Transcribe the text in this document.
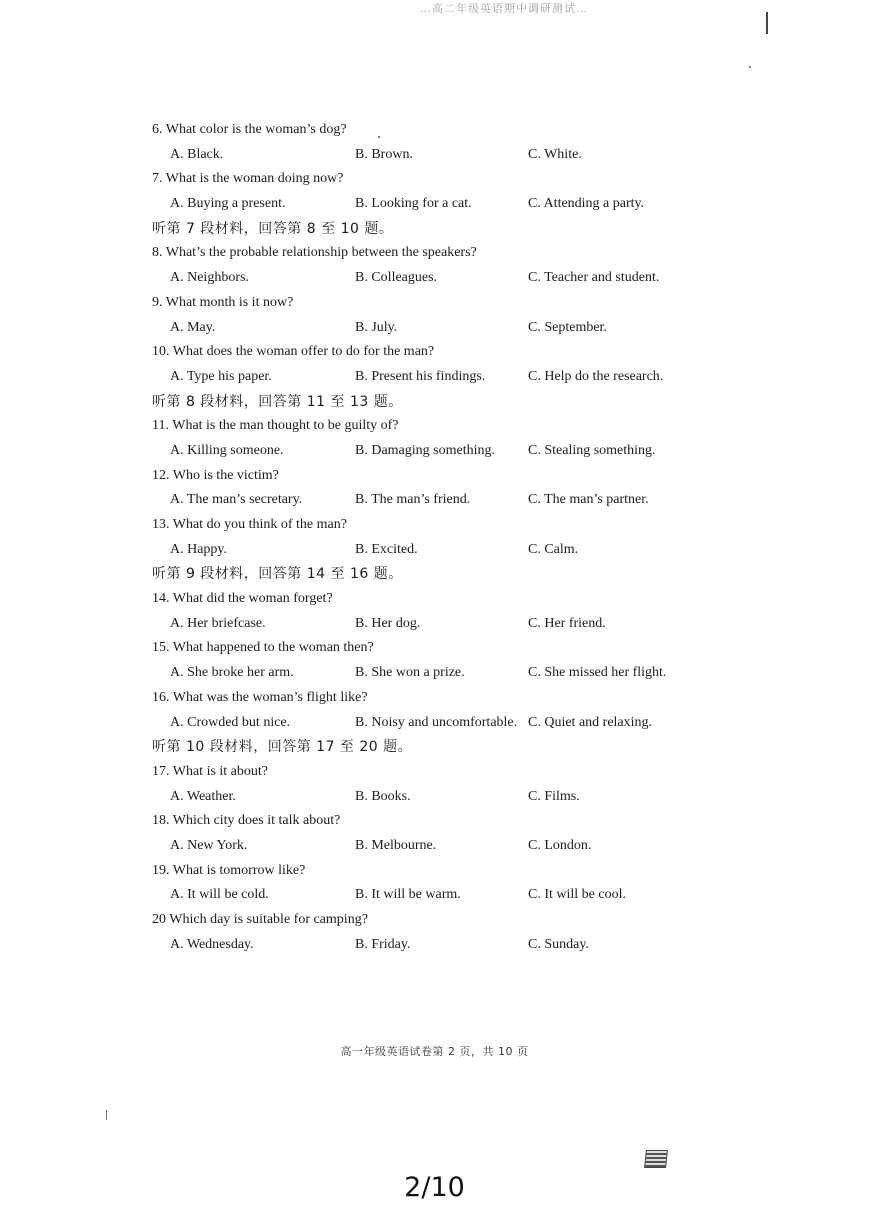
…高二年级英语期中调研测试…
6. What color is the woman’s dog?
A. Black.	B. Brown.	C. White.
7. What is the woman doing now?
A. Buying a present.	B. Looking for a cat.	C. Attending a party.
听第 7 段材料，回答第 8 至 10 题。
8. What’s the probable relationship between the speakers?
A. Neighbors.	B. Colleagues.	C. Teacher and student.
9. What month is it now?
A. May.	B. July.	C. September.
10. What does the woman offer to do for the man?
A. Type his paper.	B. Present his findings.	C. Help do the research.
听第 8 段材料，回答第 11 至 13 题。
11. What is the man thought to be guilty of?
A. Killing someone.	B. Damaging something. C. Stealing something.
12. Who is the victim?
A. The man’s secretary.	B. The man’s friend.	C. The man’s partner.
13. What do you think of the man?
A. Happy.	B. Excited.	C. Calm.
听第 9 段材料，回答第 14 至 16 题。
14. What did the woman forget?
A. Her briefcase.	B. Her dog.	C. Her friend.
15. What happened to the woman then?
A. She broke her arm.	B. She won a prize.	C. She missed her flight.
16. What was the woman’s flight like?
A. Crowded but nice.	B. Noisy and uncomfortable. C. Quiet and relaxing.
听第 10 段材料，回答第 17 至 20 题。
17. What is it about?
A. Weather.	B. Books.	C. Films.
18. Which city does it talk about?
A. New York.	B. Melbourne.	C. London.
19. What is tomorrow like?
A. It will be cold.	B. It will be warm.	C. It will be cool.
20 Which day is suitable for camping?
A. Wednesday.	B. Friday.	C. Sunday.
高一年级英语试卷第 2 页，共 10 页
2/10
